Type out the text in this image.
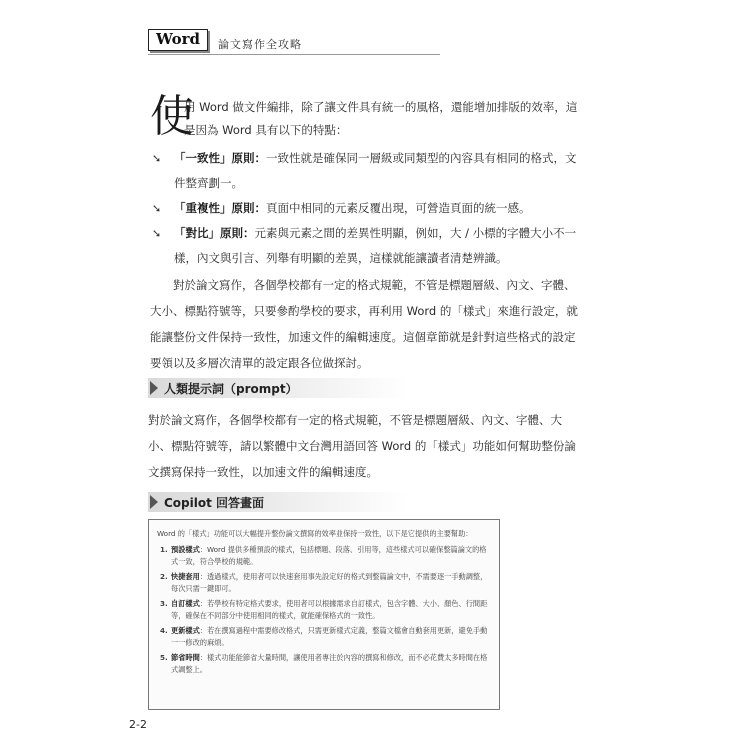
Word	論文寫作全攻略
使
用 Word 做文件編排，除了讓文件具有統一的風格，還能增加排版的效率，這是因為 Word 具有以下的特點：
➘	「一致性」原則：一致性就是確保同一層級或同類型的內容具有相同的格式，文件整齊劃一。
➘	「重複性」原則：頁面中相同的元素反覆出現，可營造頁面的統一感。
➘	「對比」原則：元素與元素之間的差異性明顯，例如，大 / 小標的字體大小不一樣，內文與引言、列舉有明顯的差異，這樣就能讓讀者清楚辨識。
對於論文寫作，各個學校都有一定的格式規範，不管是標題層級、內文、字體、大小、標點符號等，只要參酌學校的要求，再利用 Word 的「樣式」來進行設定，就能讓整份文件保持一致性，加速文件的編輯速度。這個章節就是針對這些格式的設定要領以及多層次清單的設定跟各位做探討。
人類提示詞（prompt）
對於論文寫作，各個學校都有一定的格式規範，不管是標題層級、內文、字體、大小、標點符號等，請以繁體中文台灣用語回答 Word 的「樣式」功能如何幫助整份論文撰寫保持一致性，以加速文件的編輯速度。
Copilot 回答畫面
Word 的「樣式」功能可以大幅提升整份論文撰寫的效率並保持一致性，以下是它提供的主要幫助：
1. 預設樣式：Word 提供多種預設的樣式，包括標題、段落、引用等，這些樣式可以確保整篇論文的格式一致，符合學校的規範。
2. 快捷套用：透過樣式，使用者可以快速套用事先設定好的格式到整篇論文中，不需要逐一手動調整，每次只需一鍵即可。
3. 自訂樣式：若學校有特定格式要求，使用者可以根據需求自訂樣式，包含字體、大小、顏色、行間距等，確保在不同部分中使用相同的樣式，就能確保格式的一致性。
4. 更新樣式：若在撰寫過程中需要修改格式，只需更新樣式定義，整篇文檔會自動套用更新，避免手動一一修改的麻煩。
5. 節省時間：樣式功能能節省大量時間，讓使用者專注於內容的撰寫和修改，而不必花費太多時間在格式調整上。
2-2
